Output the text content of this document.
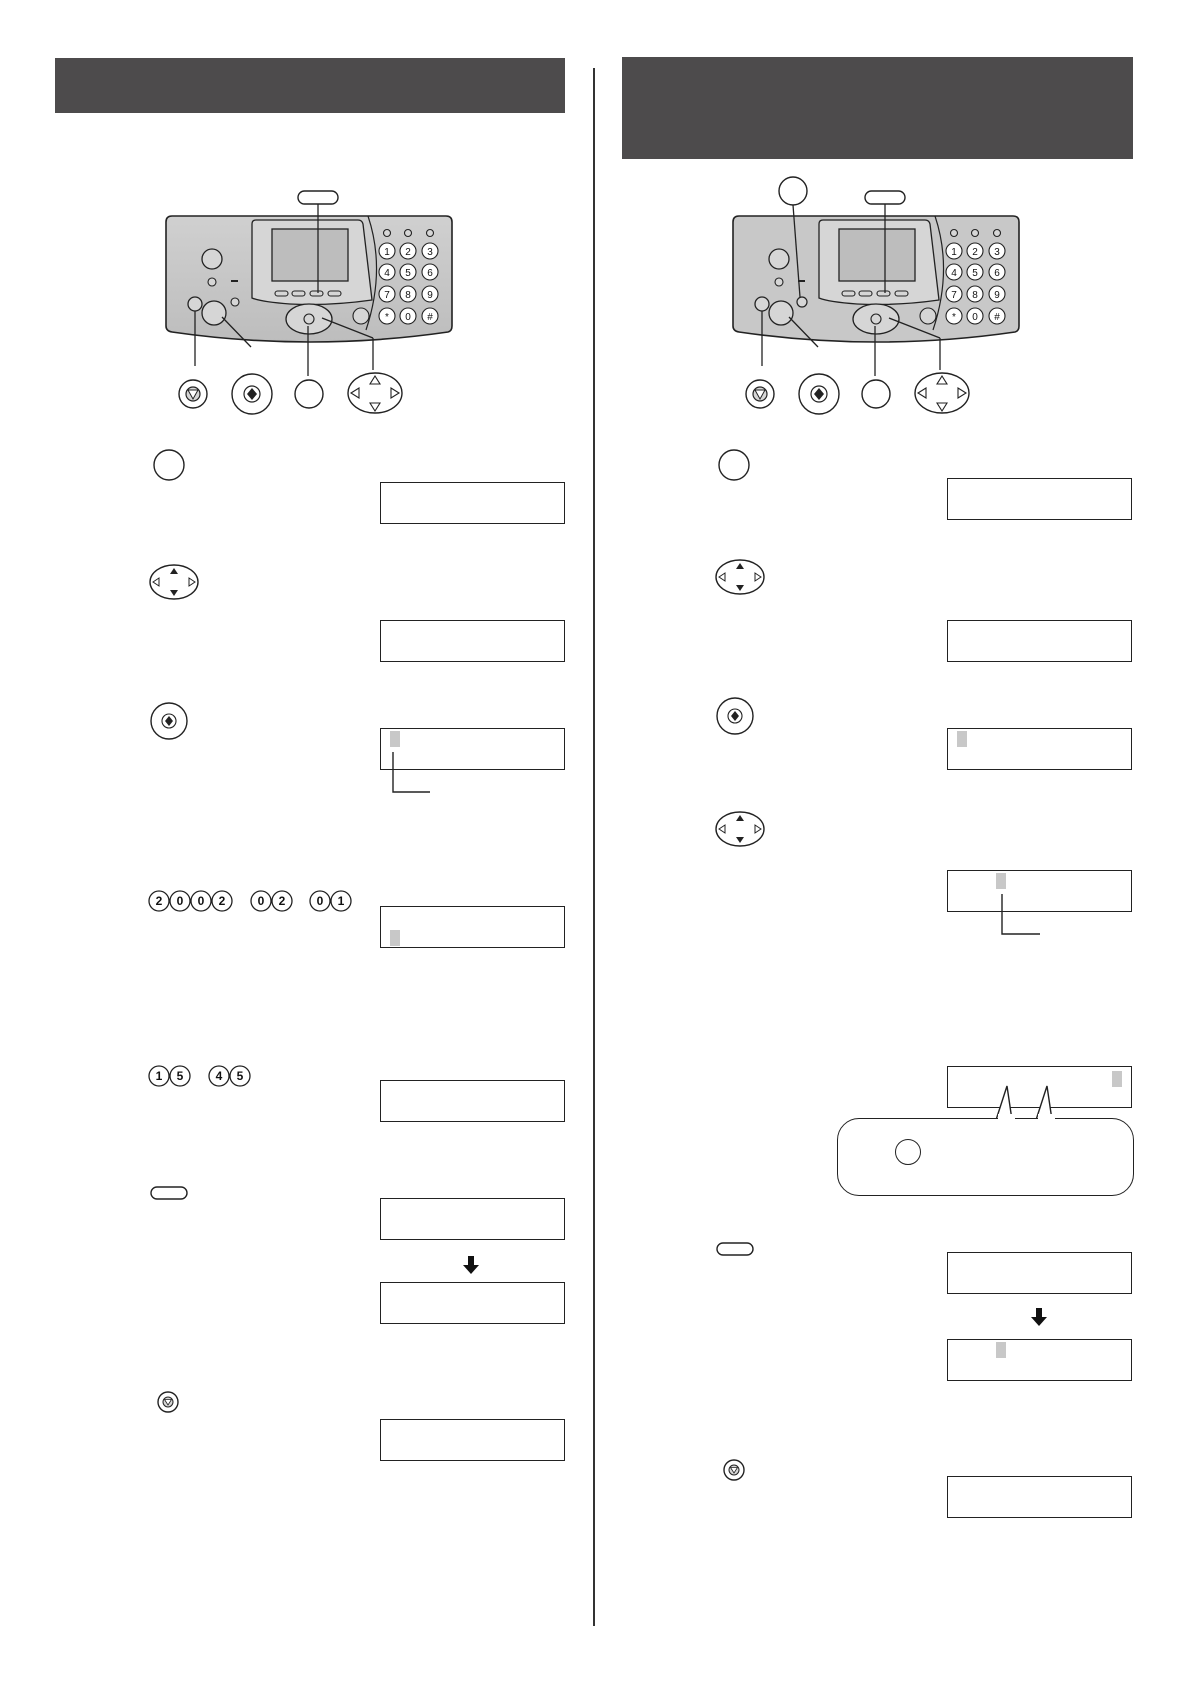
1 2 3
4 5 6
7 8 9
* 0 #
1 2 3
4 5 6
7 8 9
* 0 #
2 0 0 2	0 2	0 1
1 5	4 5
